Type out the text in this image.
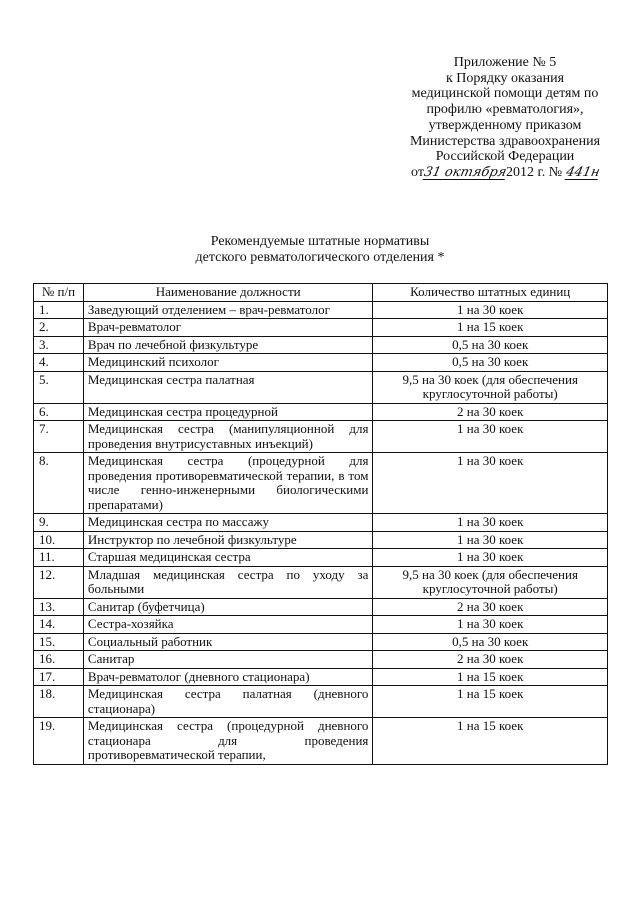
Приложение № 5
к Порядку оказания
медицинской помощи детям по
профилю «ревматология»,
утвержденному приказом
Министерства здравоохранения
Российской Федерации
от31 октября2012 г. № 441н
Рекомендуемые штатные нормативы
детского ревматологического отделения *
№ п/п	Наименование должности	Количество штатных единиц
1.	Заведующий отделением – врач-ревматолог	1 на 30 коек
2.	Врач-ревматолог	1 на 15 коек
3.	Врач по лечебной физкультуре	0,5 на 30 коек
4.	Медицинский психолог	0,5 на 30 коек
5.	Медицинская сестра палатная	9,5 на 30 коек (для обеспечения круглосуточной работы)
6.	Медицинская сестра процедурной	2 на 30 коек
7.	Медицинская сестра (манипуляционной для проведения внутрисуставных инъекций)	1 на 30 коек
8.	Медицинская сестра (процедурной для проведения противоревматической терапии, в том числе генно-инженерными биологическими препаратами)	1 на 30 коек
9.	Медицинская сестра по массажу	1 на 30 коек
10.	Инструктор по лечебной физкультуре	1 на 30 коек
11.	Старшая медицинская сестра	1 на 30 коек
12.	Младшая медицинская сестра по уходу за больными	9,5 на 30 коек (для обеспечения круглосуточной работы)
13.	Санитар (буфетчица)	2 на 30 коек
14.	Сестра-хозяйка	1 на 30 коек
15.	Социальный работник	0,5 на 30 коек
16.	Санитар	2 на 30 коек
17.	Врач-ревматолог (дневного стационара)	1 на 15 коек
18.	Медицинская сестра палатная (дневного стационара)	1 на 15 коек
19.	Медицинская сестра (процедурной дневного стационара для проведения противоревматической терапии,	1 на 15 коек
